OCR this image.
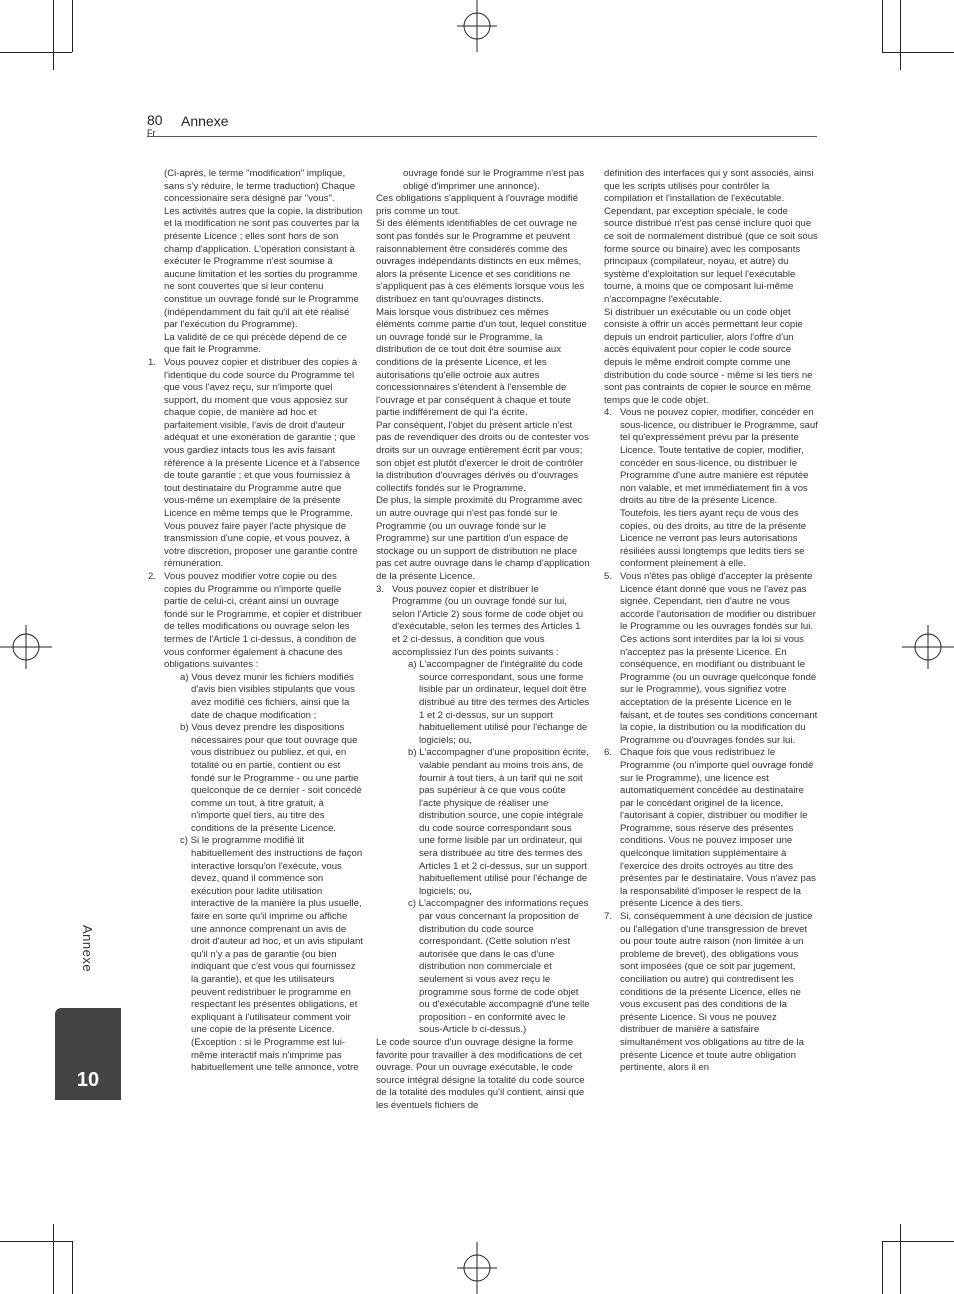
80
Fr
Annexe
Annexe
10

(Ci-après, le terme "modification" implique, sans s'y réduire, le terme traduction) Chaque concessionaire sera désigné par "vous".

Les activités autres que la copie, la distribution et la modification ne sont pas couvertes par la présente Licence ; elles sont hors de son champ d'application. L'opération consistant à exécuter le Programme n'est soumise à aucune limitation et les sorties du programme ne sont couvertes que si leur contenu constitue un ouvrage fondé sur le Programme (indépendamment du fait qu'il ait été réalisé par l'exécution du Programme).

La validité de ce qui précède dépend de ce que fait le Programme.

1.   Vous pouvez copier et distribuer des copies à l'identique du code source du Programme tel que vous l'avez reçu, sur n'importe quel support, du moment que vous apposiez sur chaque copie, de manière ad hoc et parfaitement visible, l'avis de droit d'auteur adéquat et une exonération de garantie ; que vous gardiez intacts tous les avis faisant référence à la présente Licence et à l'absence de toute garantie ; et que vous fournissiez à tout destinataire du Programme autre que vous-même un exemplaire de la présente Licence en même temps que le Programme.

Vous pouvez faire payer l'acte physique de transmission d'une copie, et vous pouvez, à votre discrétion, proposer une garantie contre rémunération.

2.   Vous pouvez modifier votre copie ou des copies du Programme ou n'importe quelle partie de celui-ci, créant ainsi un ouvrage fondé sur le Programme, et copier et distribuer de telles modifications ou ouvrage selon les termes de l'Article 1 ci-dessus, à condition de vous conformer également à chacune des obligations suivantes :

a) Vous devez munir les fichiers modifiés d'avis bien visibles stipulants que vous avez modifié ces fichiers, ainsi que la date de chaque modification ;

b) Vous devez prendre les dispositions nécessaires pour que tout ouvrage que vous distribuez ou publiez, et qui, en totalité ou en partie, contient ou est fondé sur le Programme - ou une partie quelconque de ce dernier - soit concédé comme un tout, à titre gratuit, à n'importe quel tiers, au titre des conditions de la présente Licence.

c) Si le programme modifié lit habituellement des instructions de façon interactive lorsqu'on l'exécute, vous devez, quand il commence son exécution pour ladite utilisation interactive de la manière la plus usuelle, faire en sorte qu'il imprime ou affiche une annonce comprenant un avis de droit d'auteur ad hoc, et un avis stipulant qu'il n'y a pas de garantie (ou bien indiquant que c'est vous qui fournissez la garantie), et que les utilisateurs peuvent redistribuer le programme en respectant les présentes obligations, et expliquant à l'utilisateur comment voir une copie de la présente Licence.

(Exception : si le Programme est lui-même interactif mais n'imprime pas habituellement une telle annonce, votre

ouvrage fondé sur le Programme n'est pas obligé d'imprimer une annonce).

Ces obligations s'appliquent à l'ouvrage modifié pris comme un tout.

Si des éléments identifiables de cet ouvrage ne sont pas fondés sur le Programme et peuvent raisonnablement être considérés comme des ouvrages indépendants distincts en eux mêmes, alors la présente Licence et ses conditions ne s'appliquent pas à ces éléments lorsque vous les distribuez en tant qu'ouvrages distincts.

Mais lorsque vous distribuez ces mêmes éléments comme partie d'un tout, lequel constitue un ouvrage fondé sur le Programme, la distribution de ce tout doit être soumise aux conditions de la présente Licence, et les autorisations qu'elle octroie aux autres concessionnaires s'étendent à l'ensemble de l'ouvrage et par conséquent à chaque et toute partie indifférement de qui l'a écrite.

Par conséquent, l'objet du présent article n'est pas de revendiquer des droits ou de contester vos droits sur un ouvrage entièrement écrit par vous; son objet est plutôt d'exercer le droit de contrôler la distribution d'ouvrages dérivés ou d'ouvrages collectifs fondés sur le Programme.

De plus, la simple proximité du Programme avec un autre ouvrage qui n'est pas fondé sur le Programme (ou un ouvrage fondé sur le Programme) sur une partition d'un espace de stockage ou un support de distribution ne place pas cet autre ouvrage dans le champ d'application de la présente Licence.

3.   Vous pouvez copier et distribuer le Programme (ou un ouvrage fondé sur lui, selon l'Article 2) sous forme de code objet ou d'exécutable, selon les termes des Articles 1 et 2 ci-dessus, à condition que vous accomplissiez l'un des points suivants :

a) L'accompagner de l'intégralité du code source correspondant, sous une forme lisible par un ordinateur, lequel doit être distribué au titre des termes des Articles 1 et 2 ci-dessus, sur un support habituellement utilisé pour l'échange de logiciels; ou,

b) L'accompagner d'une proposition écrite, valable pendant au moins trois ans, de fournir à tout tiers, à un tarif qui ne soit pas supérieur à ce que vous coûte l'acte physique de réaliser une distribution source, une copie intégrale du code source correspondant sous une forme lisible par un ordinateur, qui sera distribuée au titre des termes des Articles 1 et 2 ci-dessus, sur un support habituellement utilisé pour l'échange de logiciels; ou,

c) L'accompagner des informations reçues par vous concernant la proposition de distribution du code source correspondant. (Cette solution n'est autorisée que dans le cas d'une distribution non commerciale et seulement si vous avez reçu le programme sous forme de code objet ou d'exécutable accompagné d'une telle proposition - en conformité avec le sous-Article b ci-dessus.)

Le code source d'un ouvrage désigne la forme favorite pour travailler à des modifications de cet ouvrage. Pour un ouvrage exécutable, le code source intégral désigne la totalité du code source de la totalité des modules qu'il contient, ainsi que les éventuels fichiers de

définition des interfaces qui y sont associés, ainsi que les scripts utilisés pour contrôler la compilation et l'installation de l'exécutable. Cependant, par exception spéciale, le code source distribué n'est pas censé inclure quoi que ce soit de normalement distribué (que ce soit sous forme source ou binaire) avec les composants principaux (compilateur, noyau, et autre) du système d'exploitation sur lequel l'exécutable tourne, à moins que ce composant lui-même n'accompagne l'exécutable.

Si distribuer un exécutable ou un code objet consiste à offrir un accès permettant leur copie depuis un endroit particulier, alors l'offre d'un accès équivalent pour copier le code source depuis le même endroit compte comme une distribution du code source - même si les tiers ne sont pas contraints de copier le source en même temps que le code objet.

4.   Vous ne pouvez copier, modifier, concéder en sous-licence, ou distribuer le Programme, sauf tel qu'expressément prévu par la présente Licence. Toute tentative de copier, modifier, concéder en sous-licence, ou distribuer le Programme d'une autre manière est réputée non valable, et met immédiatement fin à vos droits au titre de la présente Licence. Toutefois, les tiers ayant reçu de vous des copies, ou des droits, au titre de la présente Licence ne verront pas leurs autorisations résiliées aussi longtemps que ledits tiers se conforment pleinement à elle.

5.   Vous n'êtes pas obligé d'accepter la présente Licence étant donné que vous ne l'avez pas signée. Cependant, rien d'autre ne vous accorde l'autorisation de modifier ou distribuer le Programme ou les ouvrages fondés sur lui. Ces actions sont interdites par la loi si vous n'acceptez pas la présente Licence. En conséquence, en modifiant ou distribuant le Programme (ou un ouvrage quelconque fondé sur le Programme), vous signifiez votre acceptation de la présente Licence en le faisant, et de toutes ses conditions concernant la copie, la distribution ou la modification du Programme ou d'ouvrages fondés sur lui.

6.   Chaque fois que vous redistribuez le Programme (ou n'importe quel ouvrage fondé sur le Programme), une licence est automatiquement concédée au destinataire par le concédant originel de la licence, l'autorisant à copier, distribuer ou modifier le Programme, sous réserve des présentes conditions. Vous ne pouvez imposer une quelconque limitation supplémentaire à l'exercice des droits octroyés au titre des présentes par le destinataire. Vous n'avez pas la responsabilité d'imposer le respect de la présente Licence à des tiers.

7.   Si, conséquemment à une décision de justice ou l'allégation d'une transgression de brevet ou pour toute autre raison (non limitée à un probleme de brevet), des obligations vous sont imposées (que ce soit par jugement, conciliation ou autre) qui contredisent les conditions de la présente Licence, elles ne vous excusent pas des conditions de la présente Licence. Si vous ne pouvez distribuer de manière à satisfaire simultanément vos obligations au titre de la présente Licence et toute autre obligation pertinente, alors il en
